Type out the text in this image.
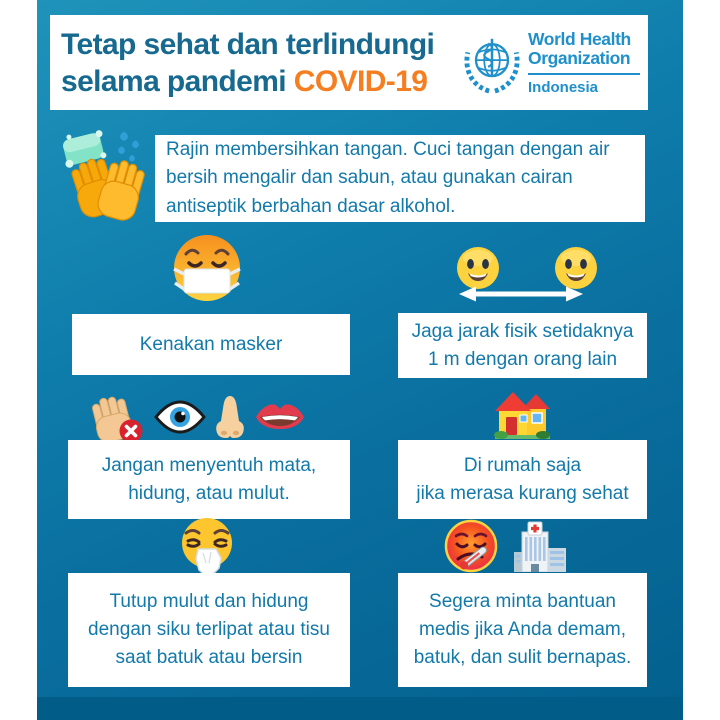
Tetap sehat dan terlindungi
selama pandemi COVID-19
World Health
Organization
Indonesia
Rajin membersihkan tangan. Cuci tangan dengan air bersih mengalir dan sabun, atau gunakan cairan antiseptik berbahan dasar alkohol.
Kenakan masker
Jaga jarak fisik setidaknya
1 m dengan orang lain
Jangan menyentuh mata,
hidung, atau mulut.
Di rumah saja
jika merasa kurang sehat
Tutup mulut dan hidung
dengan siku terlipat atau tisu
saat batuk atau bersin
Segera minta bantuan
medis jika Anda demam,
batuk, dan sulit bernapas.
